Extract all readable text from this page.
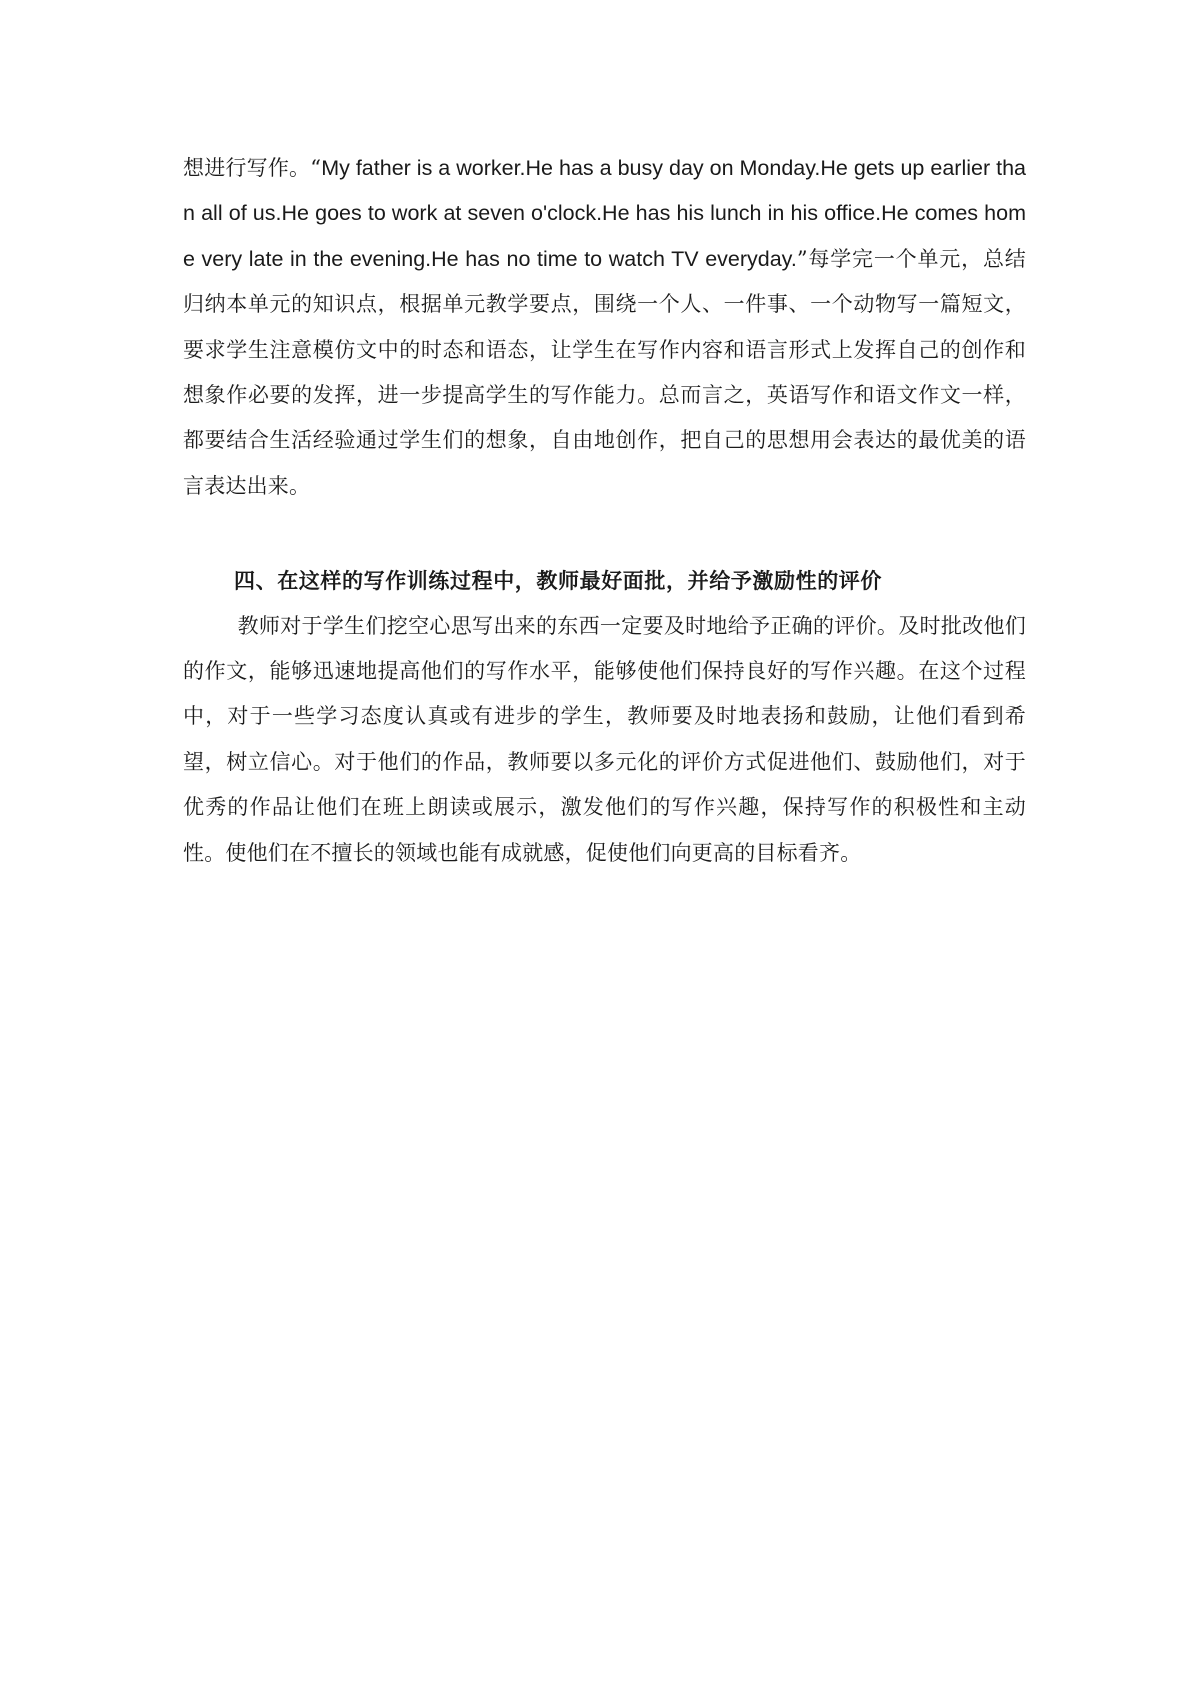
想进行写作。“My father is a worker.He has a busy day on Monday.He gets up earlier than all of us.He goes to work at seven o'clock.He has his lunch in his office.He comes home very late in the evening.He has no time to watch TV everyday.”每学完一个单元，总结归纳本单元的知识点，根据单元教学要点，围绕一个人、一件事、一个动物写一篇短文，要求学生注意模仿文中的时态和语态，让学生在写作内容和语言形式上发挥自己的创作和想象作必要的发挥，进一步提高学生的写作能力。总而言之，英语写作和语文作文一样，都要结合生活经验通过学生们的想象，自由地创作，把自己的思想用会表达的最优美的语言表达出来。

四、在这样的写作训练过程中，教师最好面批，并给予激励性的评价

教师对于学生们挖空心思写出来的东西一定要及时地给予正确的评价。及时批改他们的作文，能够迅速地提高他们的写作水平，能够使他们保持良好的写作兴趣。在这个过程中，对于一些学习态度认真或有进步的学生，教师要及时地表扬和鼓励，让他们看到希望，树立信心。对于他们的作品，教师要以多元化的评价方式促进他们、鼓励他们，对于优秀的作品让他们在班上朗读或展示，激发他们的写作兴趣，保持写作的积极性和主动性。使他们在不擅长的领域也能有成就感，促使他们向更高的目标看齐。
